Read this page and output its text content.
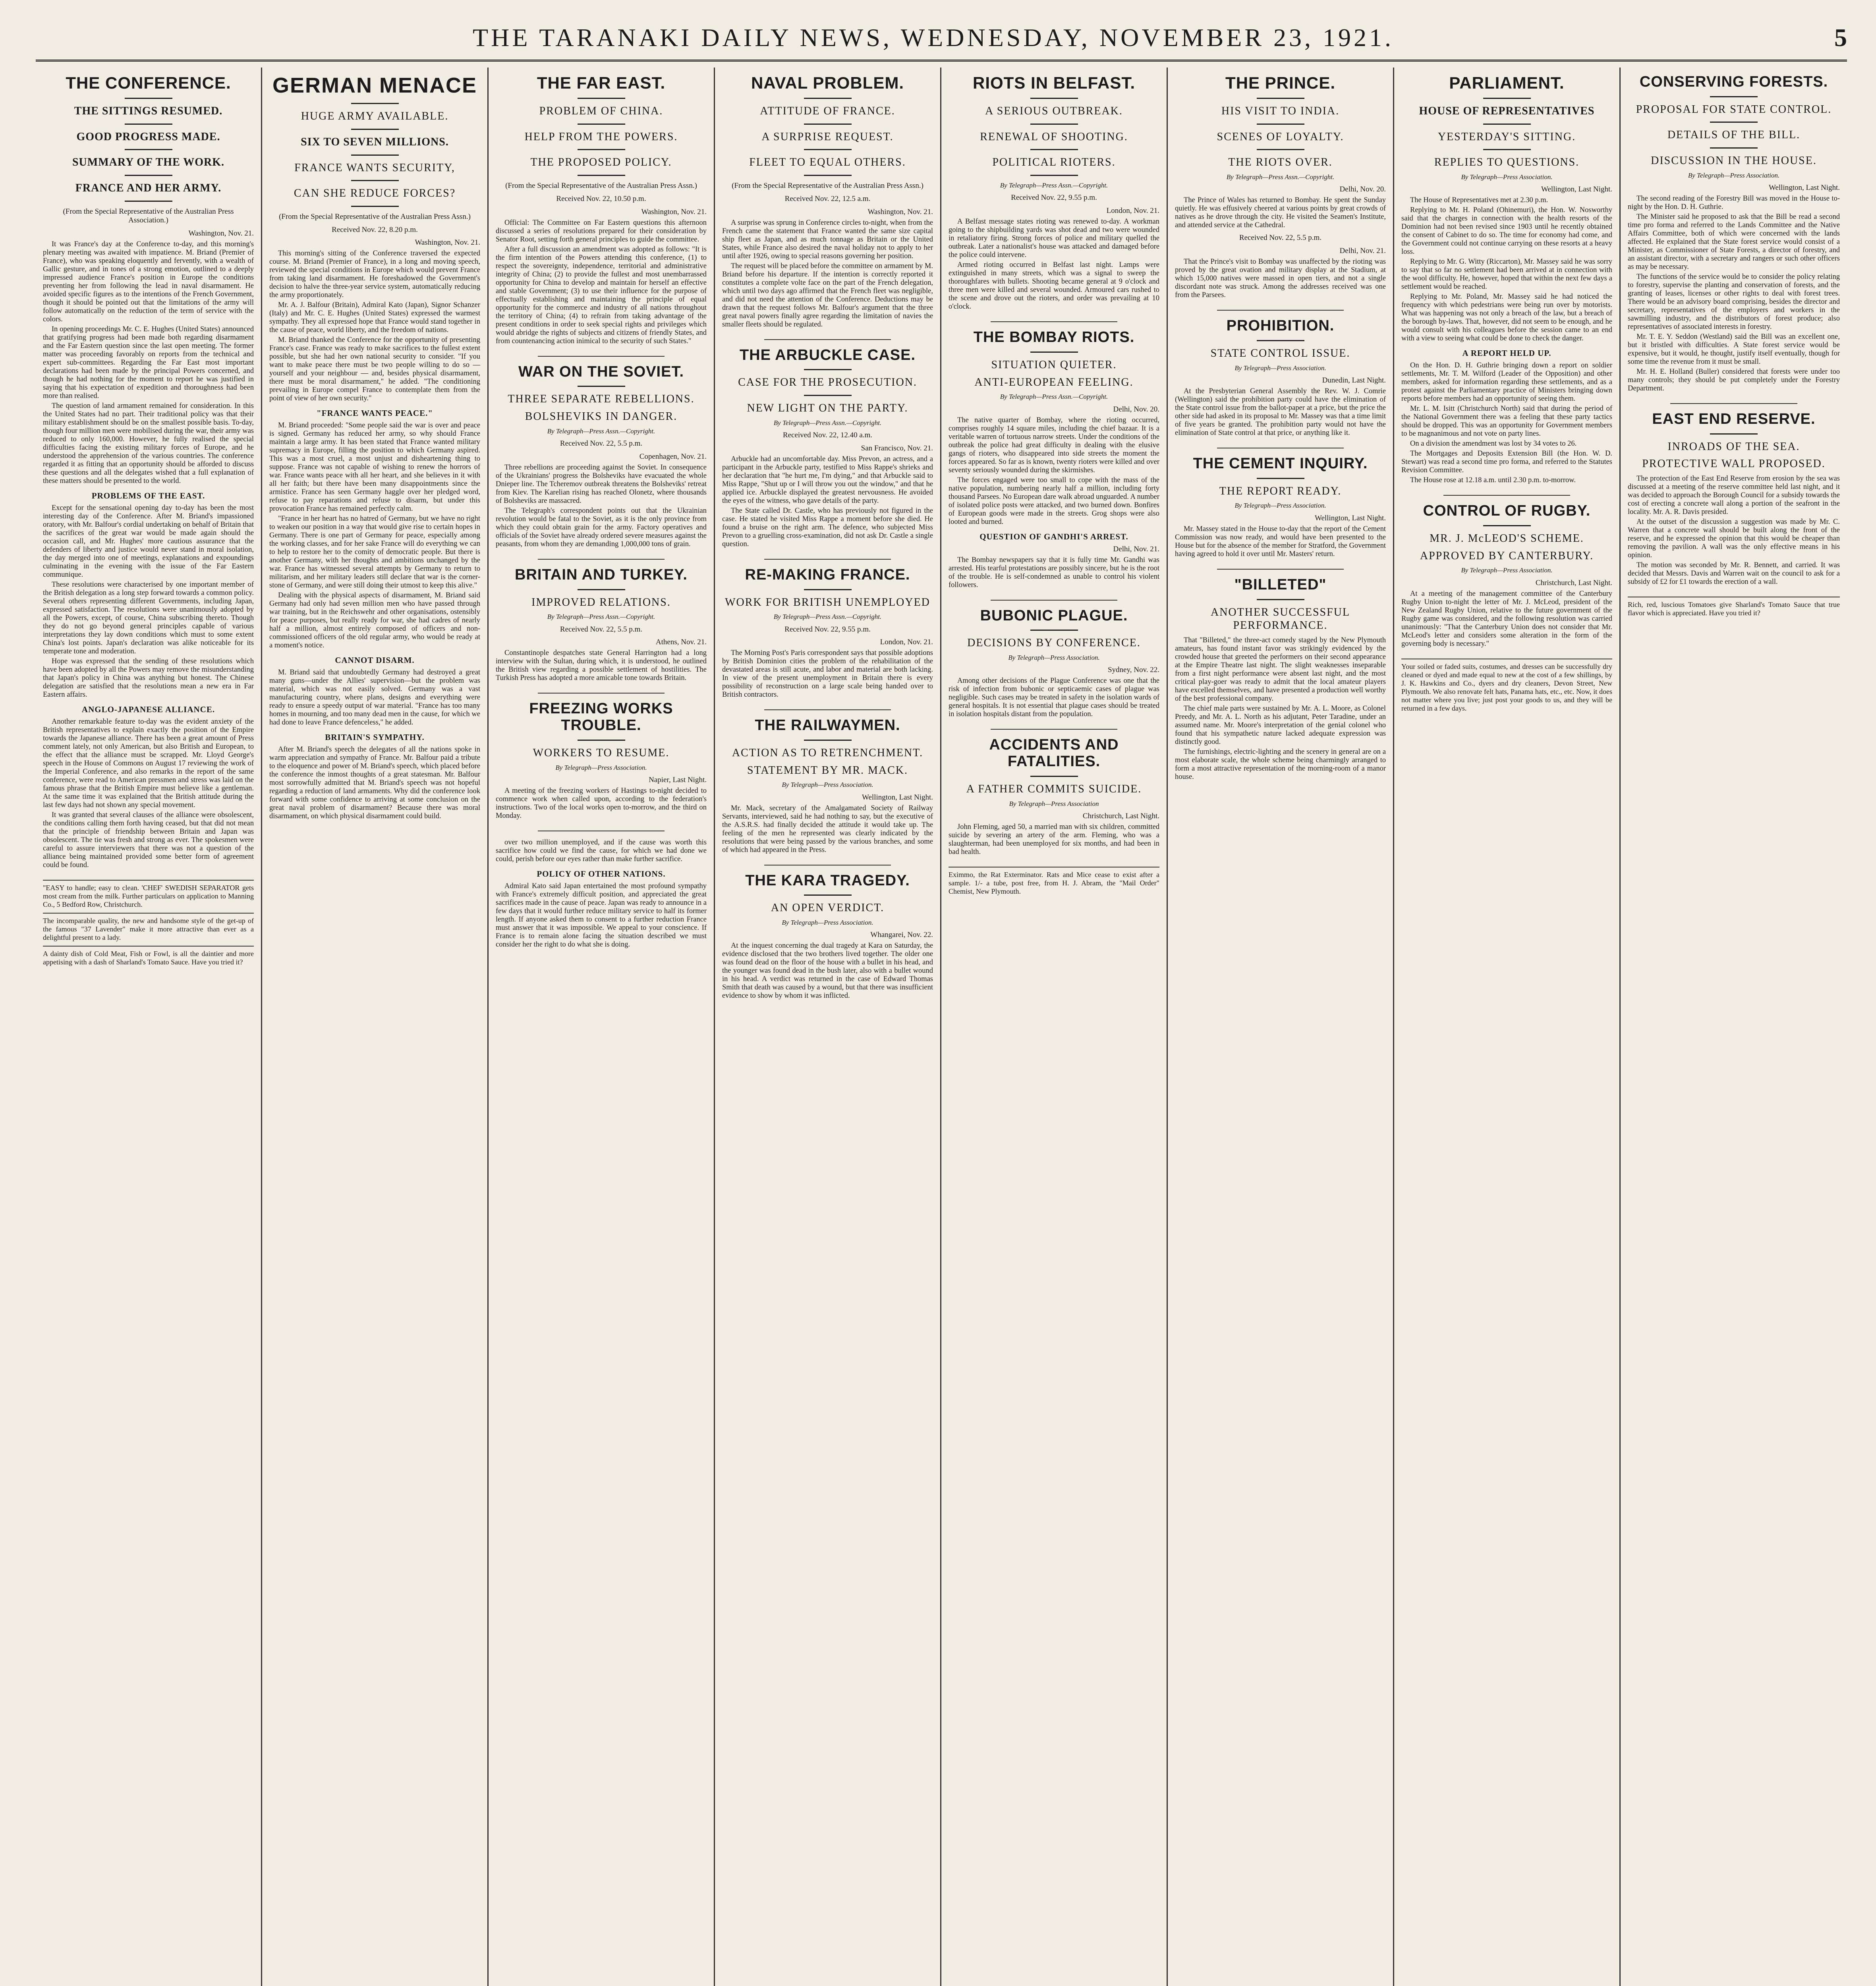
THE TARANAKI DAILY NEWS, WEDNESDAY, NOVEMBER 23, 1921.	5
THE CONFERENCE.
THE SITTINGS RESUMED.
GOOD PROGRESS MADE.
SUMMARY OF THE WORK.
FRANCE AND HER ARMY.
(From the Special Representative of the Australian Press Association.)
Washington, Nov. 21.

It was France's day at the Conference to-day, and this morning's plenary meeting was awaited with impatience. M. Briand (Premier of France), who was speaking eloquently and fervently, with a wealth of Gallic gesture, and in tones of a strong emotion, outlined to a deeply impressed audience France's position in Europe the conditions preventing her from following the lead in naval disarmament. He avoided specific figures as to the intentions of the French Government, though it should be pointed out that the limitations of the army will follow automatically on the reduction of the term of service with the colors.

In opening proceedings Mr. C. E. Hughes (United States) announced that gratifying progress had been made both regarding disarmament and the Far Eastern question since the last open meeting. The former matter was proceeding favorably on reports from the technical and expert sub-committees. Regarding the Far East most important declarations had been made by the principal Powers concerned, and though he had nothing for the moment to report he was justified in saying that his expectation of expedition and thoroughness had been more than realised.

The question of land armament remained for consideration. In this the United States had no part. Their traditional policy was that their military establishment should be on the smallest possible basis. To-day, though four million men were mobilised during the war, their army was reduced to only 160,000. However, he fully realised the special difficulties facing the existing military forces of Europe, and he understood the apprehension of the various countries. The conference regarded it as fitting that an opportunity should be afforded to discuss these questions and all the delegates wished that a full explanation of these matters should be presented to the world.

PROBLEMS OF THE EAST.

Except for the sensational opening day to-day has been the most interesting day of the Conference. After M. Briand's impassioned oratory, with Mr. Balfour's cordial undertaking on behalf of Britain that the sacrifices of the great war would be made again should the occasion call, and Mr. Hughes' more cautious assurance that the defenders of liberty and justice would never stand in moral isolation, the day merged into one of meetings, explanations and expoundings culminating in the evening with the issue of the Far Eastern communique.

These resolutions were characterised by one important member of the British delegation as a long step forward towards a common policy. Several others representing different Governments, including Japan, expressed satisfaction. The resolutions were unanimously adopted by all the Powers, except, of course, China subscribing thereto. Though they do not go beyond general principles capable of various interpretations they lay down conditions which must to some extent China's lost points. Japan's declaration was alike noticeable for its temperate tone and moderation.

Hope was expressed that the sending of these resolutions which have been adopted by all the Powers may remove the misunderstanding that Japan's policy in China was anything but honest. The Chinese delegation are satisfied that the resolutions mean a new era in Far Eastern affairs.

ANGLO-JAPANESE ALLIANCE.

Another remarkable feature to-day was the evident anxiety of the British representatives to explain exactly the position of the Empire towards the Japanese alliance. There has been a great amount of Press comment lately, not only American, but also British and European, to the effect that the alliance must be scrapped. Mr. Lloyd George's speech in the House of Commons on August 17 reviewing the work of the Imperial Conference, and also remarks in the report of the same conference, were read to American pressmen and stress was laid on the famous phrase that the British Empire must believe like a gentleman. At the same time it was explained that the British attitude during the last few days had not shown any special movement.

It was granted that several clauses of the alliance were obsolescent, the conditions calling them forth having ceased, but that did not mean that the principle of friendship between Britain and Japan was obsolescent. The tie was fresh and strong as ever. The spokesmen were careful to assure interviewers that there was not a question of the alliance being maintained provided some better form of agreement could be found.

"EASY to handle; easy to clean. 'CHEF' SWEDISH SEPARATOR gets most cream from the milk. Further particulars on application to Manning Co., 5 Bedford Row, Christchurch.
The incomparable quality, the new and handsome style of the get-up of the famous "37 Lavender" make it more attractive than ever as a delightful present to a lady.
A dainty dish of Cold Meat, Fish or Fowl, is all the daintier and more appetising with a dash of Sharland's Tomato Sauce. Have you tried it?
GERMAN MENACE
HUGE ARMY AVAILABLE.
SIX TO SEVEN MILLIONS.
FRANCE WANTS SECURITY,
CAN SHE REDUCE FORCES?
(From the Special Representative of the Australian Press Assn.)
Received Nov. 22, 8.20 p.m.
Washington, Nov. 21.

This morning's sitting of the Conference traversed the expected course. M. Briand (Premier of France), in a long and moving speech, reviewed the special conditions in Europe which would prevent France from taking land disarmament. He foreshadowed the Government's decision to halve the three-year service system, automatically reducing the army proportionately.

Mr. A. J. Balfour (Britain), Admiral Kato (Japan), Signor Schanzer (Italy) and Mr. C. E. Hughes (United States) expressed the warmest sympathy. They all expressed hope that France would stand together in the cause of peace, world liberty, and the freedom of nations.

M. Briand thanked the Conference for the opportunity of presenting France's case. France was ready to make sacrifices to the fullest extent possible, but she had her own national security to consider. "If you want to make peace there must be two people willing to do so — yourself and your neighbour — and, besides physical disarmament, there must be moral disarmament," he added. "The conditioning prevailing in Europe compel France to contemplate them from the point of view of her own security."

"FRANCE WANTS PEACE."

M. Briand proceeded: "Some people said the war is over and peace is signed. Germany has reduced her army, so why should France maintain a large army. It has been stated that France wanted military supremacy in Europe, filling the position to which Germany aspired. This was a most cruel, a most unjust and disheartening thing to suppose. France was not capable of wishing to renew the horrors of war. France wants peace with all her heart, and she believes in it with all her faith; but there have been many disappointments since the armistice. France has seen Germany haggle over her pledged word, refuse to pay reparations and refuse to disarm, but under this provocation France has remained perfectly calm.

"France in her heart has no hatred of Germany, but we have no right to weaken our position in a way that would give rise to certain hopes in Germany. There is one part of Germany for peace, especially among the working classes, and for her sake France will do everything we can to help to restore her to the comity of democratic people. But there is another Germany, with her thoughts and ambitions unchanged by the war. France has witnessed several attempts by Germany to return to militarism, and her military leaders still declare that war is the corner-stone of Germany, and were still doing their utmost to keep this alive."

Dealing with the physical aspects of disarmament, M. Briand said Germany had only had seven million men who have passed through war training, but in the Reichswehr and other organisations, ostensibly for peace purposes, but really ready for war, she had cadres of nearly half a million, almost entirely composed of officers and non-commissioned officers of the old regular army, who would be ready at a moment's notice.

CANNOT DISARM.

M. Briand said that undoubtedly Germany had destroyed a great many guns—under the Allies' supervision—but the problem was material, which was not easily solved. Germany was a vast manufacturing country, where plans, designs and everything were ready to ensure a speedy output of war material. "France has too many homes in mourning, and too many dead men in the cause, for which we had done to leave France defenceless," he added.

BRITAIN'S SYMPATHY.

After M. Briand's speech the delegates of all the nations spoke in warm appreciation and sympathy of France. Mr. Balfour paid a tribute to the eloquence and power of M. Briand's speech, which placed before the conference the inmost thoughts of a great statesman. Mr. Balfour most sorrowfully admitted that M. Briand's speech was not hopeful regarding a reduction of land armaments. Why did the conference look forward with some confidence to arriving at some conclusion on the great naval problem of disarmament? Because there was moral disarmament, on which physical disarmament could build.

THE FAR EAST.
PROBLEM OF CHINA.
HELP FROM THE POWERS.
THE PROPOSED POLICY.
(From the Special Representative of the Australian Press Assn.)
Received Nov. 22, 10.50 p.m.
Washington, Nov. 21.

Official: The Committee on Far Eastern questions this afternoon discussed a series of resolutions prepared for their consideration by Senator Root, setting forth general principles to guide the committee.

After a full discussion an amendment was adopted as follows: "It is the firm intention of the Powers attending this conference, (1) to respect the sovereignty, independence, territorial and administrative integrity of China; (2) to provide the fullest and most unembarrassed opportunity for China to develop and maintain for herself an effective and stable Government; (3) to use their influence for the purpose of effectually establishing and maintaining the principle of equal opportunity for the commerce and industry of all nations throughout the territory of China; (4) to refrain from taking advantage of the present conditions in order to seek special rights and privileges which would abridge the rights of subjects and citizens of friendly States, and from countenancing action inimical to the security of such States."

WAR ON THE SOVIET.
THREE SEPARATE REBELLIONS.
BOLSHEVIKS IN DANGER.
By Telegraph—Press Assn.—Copyright.
Received Nov. 22, 5.5 p.m.
Copenhagen, Nov. 21.

Three rebellions are proceeding against the Soviet. In consequence of the Ukrainians' progress the Bolsheviks have evacuated the whole Dnieper line. The Tcheremov outbreak threatens the Bolsheviks' retreat from Kiev. The Karelian rising has reached Olonetz, where thousands of Bolsheviks are massacred.

The Telegraph's correspondent points out that the Ukrainian revolution would be fatal to the Soviet, as it is the only province from which they could obtain grain for the army. Factory operatives and officials of the Soviet have already ordered severe measures against the peasants, from whom they are demanding 1,000,000 tons of grain.

BRITAIN AND TURKEY.
IMPROVED RELATIONS.
By Telegraph—Press Assn.—Copyright.
Received Nov. 22, 5.5 p.m.
Athens, Nov. 21.

Constantinople despatches state General Harrington had a long interview with the Sultan, during which, it is understood, he outlined the British view regarding a possible settlement of hostilities. The Turkish Press has adopted a more amicable tone towards Britain.

FREEZING WORKS TROUBLE.
WORKERS TO RESUME.
By Telegraph—Press Association.
Napier, Last Night.

A meeting of the freezing workers of Hastings to-night decided to commence work when called upon, according to the federation's instructions. Two of the local works open to-morrow, and the third on Monday.

over two million unemployed, and if the cause was worth this sacrifice how could we find the cause, for which we had done we could, perish before our eyes rather than make further sacrifice.

POLICY OF OTHER NATIONS.

Admiral Kato said Japan entertained the most profound sympathy with France's extremely difficult position, and appreciated the great sacrifices made in the cause of peace. Japan was ready to announce in a few days that it would further reduce military service to half its former length. If anyone asked them to consent to a further reduction France must answer that it was impossible. We appeal to your conscience. If France is to remain alone facing the situation described we must consider her the right to do what she is doing.

NAVAL PROBLEM.
ATTITUDE OF FRANCE.
A SURPRISE REQUEST.
FLEET TO EQUAL OTHERS.
(From the Special Representative of the Australian Press Assn.)
Received Nov. 22, 12.5 a.m.
Washington, Nov. 21.

A surprise was sprung in Conference circles to-night, when from the French came the statement that France wanted the same size capital ship fleet as Japan, and as much tonnage as Britain or the United States, while France also desired the naval holiday not to apply to her until after 1926, owing to special reasons governing her position.

The request will be placed before the committee on armament by M. Briand before his departure. If the intention is correctly reported it constitutes a complete volte face on the part of the French delegation, which until two days ago affirmed that the French fleet was negligible, and did not need the attention of the Conference. Deductions may be drawn that the request follows Mr. Balfour's argument that the three great naval powers finally agree regarding the limitation of navies the smaller fleets should be regulated.

THE ARBUCKLE CASE.
CASE FOR THE PROSECUTION.
NEW LIGHT ON THE PARTY.
By Telegraph—Press Assn.—Copyright.
Received Nov. 22, 12.40 a.m.
San Francisco, Nov. 21.

Arbuckle had an uncomfortable day. Miss Prevon, an actress, and a participant in the Arbuckle party, testified to Miss Rappe's shrieks and her declaration that "he hurt me, I'm dying," and that Arbuckle said to Miss Rappe, "Shut up or I will throw you out the window," and that he applied ice. Arbuckle displayed the greatest nervousness. He avoided the eyes of the witness, who gave details of the party.

The State called Dr. Castle, who has previously not figured in the case. He stated he visited Miss Rappe a moment before she died. He found a bruise on the right arm. The defence, who subjected Miss Prevon to a gruelling cross-examination, did not ask Dr. Castle a single question.

RE-MAKING FRANCE.
WORK FOR BRITISH UNEMPLOYED
By Telegraph—Press Assn.—Copyright.
Received Nov. 22, 9.55 p.m.
London, Nov. 21.

The Morning Post's Paris correspondent says that possible adoptions by British Dominion cities the problem of the rehabilitation of the devastated areas is still acute, and labor and material are both lacking. In view of the present unemployment in Britain there is every possibility of reconstruction on a large scale being handed over to British contractors.

THE RAILWAYMEN.
ACTION AS TO RETRENCHMENT.
STATEMENT BY MR. MACK.
By Telegraph—Press Association.
Wellington, Last Night.

Mr. Mack, secretary of the Amalgamated Society of Railway Servants, interviewed, said he had nothing to say, but the executive of the A.S.R.S. had finally decided the attitude it would take up. The feeling of the men he represented was clearly indicated by the resolutions that were being passed by the various branches, and some of which had appeared in the Press.

THE KARA TRAGEDY.
AN OPEN VERDICT.
By Telegraph—Press Association.
Whangarei, Nov. 22.

At the inquest concerning the dual tragedy at Kara on Saturday, the evidence disclosed that the two brothers lived together. The older one was found dead on the floor of the house with a bullet in his head, and the younger was found dead in the bush later, also with a bullet wound in his head. A verdict was returned in the case of Edward Thomas Smith that death was caused by a wound, but that there was insufficient evidence to show by whom it was inflicted.

RIOTS IN BELFAST.
A SERIOUS OUTBREAK.
RENEWAL OF SHOOTING.
POLITICAL RIOTERS.
By Telegraph—Press Assn.—Copyright.
Received Nov. 22, 9.55 p.m.
London, Nov. 21.

A Belfast message states rioting was renewed to-day. A workman going to the shipbuilding yards was shot dead and two were wounded in retaliatory firing. Strong forces of police and military quelled the outbreak. Later a nationalist's house was attacked and damaged before the police could intervene.

Armed rioting occurred in Belfast last night. Lamps were extinguished in many streets, which was a signal to sweep the thoroughfares with bullets. Shooting became general at 9 o'clock and three men were killed and several wounded. Armoured cars rushed to the scene and drove out the rioters, and order was prevailing at 10 o'clock.

THE BOMBAY RIOTS.
SITUATION QUIETER.
ANTI-EUROPEAN FEELING.
By Telegraph—Press Assn.—Copyright.
Delhi, Nov. 20.

The native quarter of Bombay, where the rioting occurred, comprises roughly 14 square miles, including the chief bazaar. It is a veritable warren of tortuous narrow streets. Under the conditions of the outbreak the police had great difficulty in dealing with the elusive gangs of rioters, who disappeared into side streets the moment the forces appeared. So far as is known, twenty rioters were killed and over seventy seriously wounded during the skirmishes.

The forces engaged were too small to cope with the mass of the native population, numbering nearly half a million, including forty thousand Parsees. No European dare walk abroad unguarded. A number of isolated police posts were attacked, and two burned down. Bonfires of European goods were made in the streets. Grog shops were also looted and burned.

QUESTION OF GANDHI'S ARREST.
Delhi, Nov. 21.

The Bombay newspapers say that it is fully time Mr. Gandhi was arrested. His tearful protestations are possibly sincere, but he is the root of the trouble. He is self-condemned as unable to control his violent followers.

BUBONIC PLAGUE.
DECISIONS BY CONFERENCE.
By Telegraph—Press Association.
Sydney, Nov. 22.

Among other decisions of the Plague Conference was one that the risk of infection from bubonic or septicaemic cases of plague was negligible. Such cases may be treated in safety in the isolation wards of general hospitals. It is not essential that plague cases should be treated in isolation hospitals distant from the population.

ACCIDENTS AND FATALITIES.
A FATHER COMMITS SUICIDE.
By Telegraph—Press Association
Christchurch, Last Night.

John Fleming, aged 50, a married man with six children, committed suicide by severing an artery of the arm. Fleming, who was a slaughterman, had been unemployed for six months, and had been in bad health.

Eximmo, the Rat Exterminator. Rats and Mice cease to exist after a sample. 1/- a tube, post free, from H. J. Abram, the "Mail Order" Chemist, New Plymouth.
THE PRINCE.
HIS VISIT TO INDIA.
SCENES OF LOYALTY.
THE RIOTS OVER.
By Telegraph—Press Assn.—Copyright.
Delhi, Nov. 20.

The Prince of Wales has returned to Bombay. He spent the Sunday quietly. He was effusively cheered at various points by great crowds of natives as he drove through the city. He visited the Seamen's Institute, and attended service at the Cathedral.

Received Nov. 22, 5.5 p.m.
Delhi, Nov. 21.

That the Prince's visit to Bombay was unaffected by the rioting was proved by the great ovation and military display at the Stadium, at which 15,000 natives were massed in open tiers, and not a single discordant note was struck. Among the addresses received was one from the Parsees.

PROHIBITION.
STATE CONTROL ISSUE.
By Telegraph—Press Association.
Dunedin, Last Night.

At the Presbyterian General Assembly the Rev. W. J. Comrie (Wellington) said the prohibition party could have the elimination of the State control issue from the ballot-paper at a price, but the price the other side had asked in its proposal to Mr. Massey was that a time limit of five years be granted. The prohibition party would not have the elimination of State control at that price, or anything like it.

THE CEMENT INQUIRY.
THE REPORT READY.
By Telegraph—Press Association.
Wellington, Last Night.

Mr. Massey stated in the House to-day that the report of the Cement Commission was now ready, and would have been presented to the House but for the absence of the member for Stratford, the Government having agreed to hold it over until Mr. Masters' return.

"BILLETED"
ANOTHER SUCCESSFUL PERFORMANCE.

That "Billeted," the three-act comedy staged by the New Plymouth amateurs, has found instant favor was strikingly evidenced by the crowded house that greeted the performers on their second appearance at the Empire Theatre last night. The slight weaknesses inseparable from a first night performance were absent last night, and the most critical play-goer was ready to admit that the local amateur players have excelled themselves, and have presented a production well worthy of the best professional company.

The chief male parts were sustained by Mr. A. L. Moore, as Colonel Preedy, and Mr. A. L. North as his adjutant, Peter Taradine, under an assumed name. Mr. Moore's interpretation of the genial colonel who found that his sympathetic nature lacked adequate expression was distinctly good.

The furnishings, electric-lighting and the scenery in general are on a most elaborate scale, the whole scheme being charmingly arranged to form a most attractive representation of the morning-room of a manor house.

PARLIAMENT.
HOUSE OF REPRESENTATIVES
YESTERDAY'S SITTING.
REPLIES TO QUESTIONS.
By Telegraph—Press Association.
Wellington, Last Night.

The House of Representatives met at 2.30 p.m.

Replying to Mr. H. Poland (Ohinemuri), the Hon. W. Nosworthy said that the charges in connection with the health resorts of the Dominion had not been revised since 1903 until he recently obtained the consent of Cabinet to do so. The time for economy had come, and the Government could not continue carrying on these resorts at a heavy loss.

Replying to Mr. G. Witty (Riccarton), Mr. Massey said he was sorry to say that so far no settlement had been arrived at in connection with the wool difficulty. He, however, hoped that within the next few days a settlement would be reached.

Replying to Mr. Poland, Mr. Massey said he had noticed the frequency with which pedestrians were being run over by motorists. What was happening was not only a breach of the law, but a breach of the borough by-laws. That, however, did not seem to be enough, and he would consult with his colleagues before the session came to an end with a view to seeing what could be done to check the danger.

A REPORT HELD UP.

On the Hon. D. H. Guthrie bringing down a report on soldier settlements, Mr. T. M. Wilford (Leader of the Opposition) and other members, asked for information regarding these settlements, and as a protest against the Parliamentary practice of Ministers bringing down reports before members had an opportunity of seeing them.

Mr. L. M. Isitt (Christchurch North) said that during the period of the National Government there was a feeling that these party tactics should be dropped. This was an opportunity for Government members to be magnanimous and not vote on party lines.

On a division the amendment was lost by 34 votes to 26.

The Mortgages and Deposits Extension Bill (the Hon. W. D. Stewart) was read a second time pro forma, and referred to the Statutes Revision Committee.

The House rose at 12.18 a.m. until 2.30 p.m. to-morrow.

CONTROL OF RUGBY.
MR. J. McLEOD'S SCHEME.
APPROVED BY CANTERBURY.
By Telegraph—Press Association.
Christchurch, Last Night.

At a meeting of the management committee of the Canterbury Rugby Union to-night the letter of Mr. J. McLeod, president of the New Zealand Rugby Union, relative to the future government of the Rugby game was considered, and the following resolution was carried unanimously: "That the Canterbury Union does not consider that Mr. McLeod's letter and considers some alteration in the form of the governing body is necessary."

Your soiled or faded suits, costumes, and dresses can be successfully dry cleaned or dyed and made equal to new at the cost of a few shillings, by J. K. Hawkins and Co., dyers and dry cleaners, Devon Street, New Plymouth. We also renovate felt hats, Panama hats, etc., etc. Now, it does not matter where you live; just post your goods to us, and they will be returned in a few days.
CONSERVING FORESTS.
PROPOSAL FOR STATE CONTROL.
DETAILS OF THE BILL.
DISCUSSION IN THE HOUSE.
By Telegraph—Press Association.
Wellington, Last Night.

The second reading of the Forestry Bill was moved in the House to-night by the Hon. D. H. Guthrie.

The Minister said he proposed to ask that the Bill be read a second time pro forma and referred to the Lands Committee and the Native Affairs Committee, both of which were concerned with the lands affected. He explained that the State forest service would consist of a Minister, as Commissioner of State Forests, a director of forestry, and an assistant director, with a secretary and rangers or such other officers as may be necessary.

The functions of the service would be to consider the policy relating to forestry, supervise the planting and conservation of forests, and the granting of leases, licenses or other rights to deal with forest trees. There would be an advisory board comprising, besides the director and secretary, representatives of the employers and workers in the sawmilling industry, and the distributors of forest produce; also representatives of associated interests in forestry.

Mr. T. E. Y. Seddon (Westland) said the Bill was an excellent one, but it bristled with difficulties. A State forest service would be expensive, but it would, he thought, justify itself eventually, though for some time the revenue from it must be small.

Mr. H. E. Holland (Buller) considered that forests were under too many controls; they should be put completely under the Forestry Department.

EAST END RESERVE.
INROADS OF THE SEA.
PROTECTIVE WALL PROPOSED.

The protection of the East End Reserve from erosion by the sea was discussed at a meeting of the reserve committee held last night, and it was decided to approach the Borough Council for a subsidy towards the cost of erecting a concrete wall along a portion of the seafront in the locality. Mr. A. R. Davis presided.

At the outset of the discussion a suggestion was made by Mr. C. Warren that a concrete wall should be built along the front of the reserve, and he expressed the opinion that this would be cheaper than removing the pavilion. A wall was the only effective means in his opinion.

The motion was seconded by Mr. R. Bennett, and carried. It was decided that Messrs. Davis and Warren wait on the council to ask for a subsidy of £2 for £1 towards the erection of a wall.

Rich, red, luscious Tomatoes give Sharland's Tomato Sauce that true flavor which is appreciated. Have you tried it?
